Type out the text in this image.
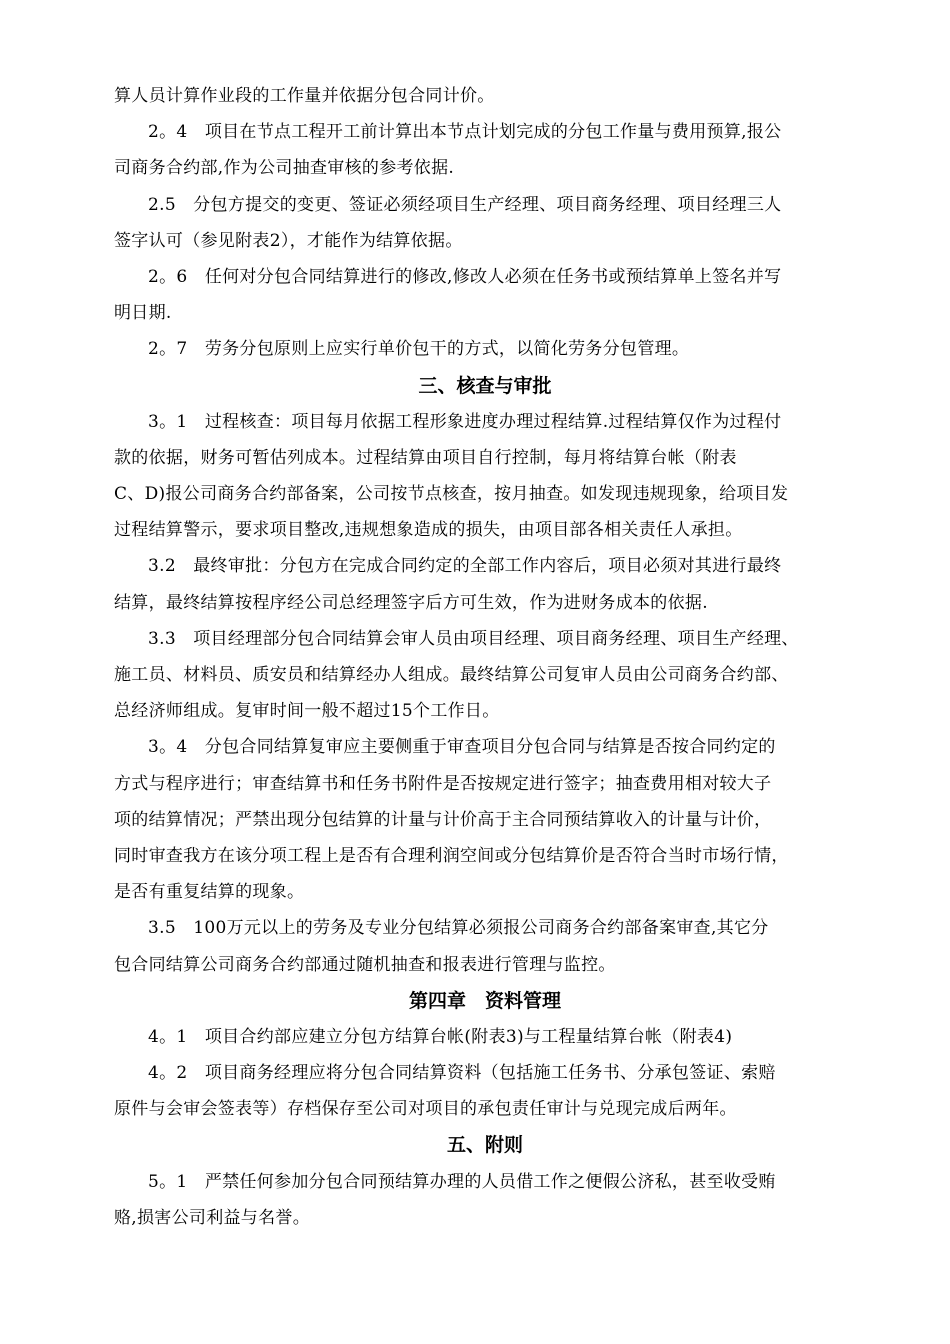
算人员计算作业段的工作量并依据分包合同计价。
2。4　项目在节点工程开工前计算出本节点计划完成的分包工作量与费用预算,报公
司商务合约部,作为公司抽查审核的参考依据.
2.5　分包方提交的变更、签证必须经项目生产经理、项目商务经理、项目经理三人
签字认可（参见附表2），才能作为结算依据。
2。6　任何对分包合同结算进行的修改,修改人必须在任务书或预结算单上签名并写
明日期.
2。7　劳务分包原则上应实行单价包干的方式，以简化劳务分包管理。
三、核查与审批
3。1　过程核查：项目每月依据工程形象进度办理过程结算.过程结算仅作为过程付
款的依据，财务可暂估列成本。过程结算由项目自行控制，每月将结算台帐（附表
C、D)报公司商务合约部备案，公司按节点核查，按月抽查。如发现违规现象，给项目发
过程结算警示，要求项目整改,违规想象造成的损失，由项目部各相关责任人承担。
3.2　最终审批：分包方在完成合同约定的全部工作内容后，项目必须对其进行最终
结算，最终结算按程序经公司总经理签字后方可生效，作为进财务成本的依据.
3.3　项目经理部分包合同结算会审人员由项目经理、项目商务经理、项目生产经理、
施工员、材料员、质安员和结算经办人组成。最终结算公司复审人员由公司商务合约部、
总经济师组成。复审时间一般不超过15个工作日。
3。4　分包合同结算复审应主要侧重于审查项目分包合同与结算是否按合同约定的
方式与程序进行；审查结算书和任务书附件是否按规定进行签字；抽查费用相对较大子
项的结算情况；严禁出现分包结算的计量与计价高于主合同预结算收入的计量与计价，
同时审查我方在该分项工程上是否有合理利润空间或分包结算价是否符合当时市场行情，
是否有重复结算的现象。
3.5　100万元以上的劳务及专业分包结算必须报公司商务合约部备案审查,其它分
包合同结算公司商务合约部通过随机抽查和报表进行管理与监控。
第四章　资料管理
4。1　项目合约部应建立分包方结算台帐(附表3)与工程量结算台帐（附表4)
4。2　项目商务经理应将分包合同结算资料（包括施工任务书、分承包签证、索赔
原件与会审会签表等）存档保存至公司对项目的承包责任审计与兑现完成后两年。
五、附则
5。1　严禁任何参加分包合同预结算办理的人员借工作之便假公济私，甚至收受贿
赂,损害公司利益与名誉。
